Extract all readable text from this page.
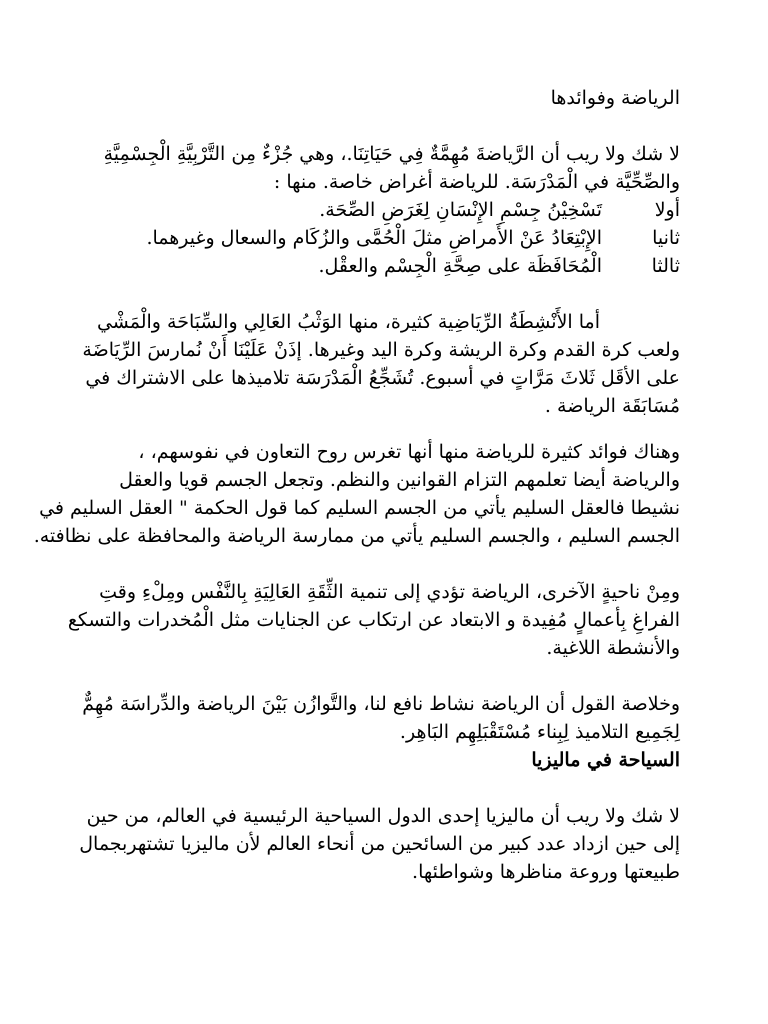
الرياضة وفوائدها
لا شك ولا ريب أن الرَّياضةَ مُهِمَّةٌ فِي حَيَاتِنَا.، وهي جُزْءٌ مِن التَّرْبِيَّةِ الْجِسْمِيَّةِ
والصِّحِّيَّة في الْمَدْرَسَة. للرياضة أغراض خاصة. منها :
أولا
تَسْخِيْنُ جِسْمِ الإِنْسَانِ لِغَرَضِ الصِّحَة.
ثانيا
الإِبْتِعَادُ عَنْ الأَمراضِ مثلَ الْحُمَّى والزُكَام والسعال وغيرهما.
ثالثا
الْمُحَافَظَة على صِحَّةِ الْجِسْم والعقْل.
أما الأَنْشِطَةُ الرِّيَاضِية كثيرة، منها الوَثْبُ العَالِي والسِّبَاحَة والْمَشْي
ولعب كرة القدم وكرة الريشة وكرة اليد وغيرها. إذَنْ عَلَيْنَا أَنْ نُمارسَ الرِّيَاضَة
على الأقَل ثَلاثَ مَرَّاتٍ في أسبوع. تُشَجِّعُ الْمَدْرَسَة تلاميذها على الاشتراك في
مُسَابَقَة الرياضة .
وهناك فوائد كثيرة للرياضة منها أنها تغرس روح التعاون في نفوسهم، ،
والرياضة أيضا تعلمهم التزام القوانين والنظم. وتجعل الجسم قويا والعقل
نشيطا فالعقل السليم يأتي من الجسم السليم كما قول الحكمة " العقل السليم في
الجسم السليم ، والجسم السليم يأتي من ممارسة الرياضة والمحافظة على نظافته.
ومِنْ ناحيةٍ الآخرى، الرياضة تؤدي إلى تنمية الثِّقَةِ العَالِيَةِ بِالنَّفْس ومِلْءِ وقتِ
الفراغِ بِأعمالٍ مُفِيدة و الابتعاد عن ارتكاب عن الجنايات مثل الْمُخدرات والتسكع
والأنشطة اللاغية.
وخلاصة القول أن الرياضة نشاط نافع لنا، والتَّوازُن بَيْنَ الرياضة والدِّراسَة مُهِمٌّ
لِجَمِيع التلاميذ لِبِناء مُسْتَقْبَلِهِم البَاهِر.
السياحة في ماليزيا
لا شك ولا ريب أن ماليزيا إحدى الدول السياحية الرئيسية في العالم، من حين
إلى حين ازداد عدد كبير من السائحين من أنحاء العالم لأن ماليزيا تشتهربجمال
طبيعتها وروعة مناظرها وشواطئها.
